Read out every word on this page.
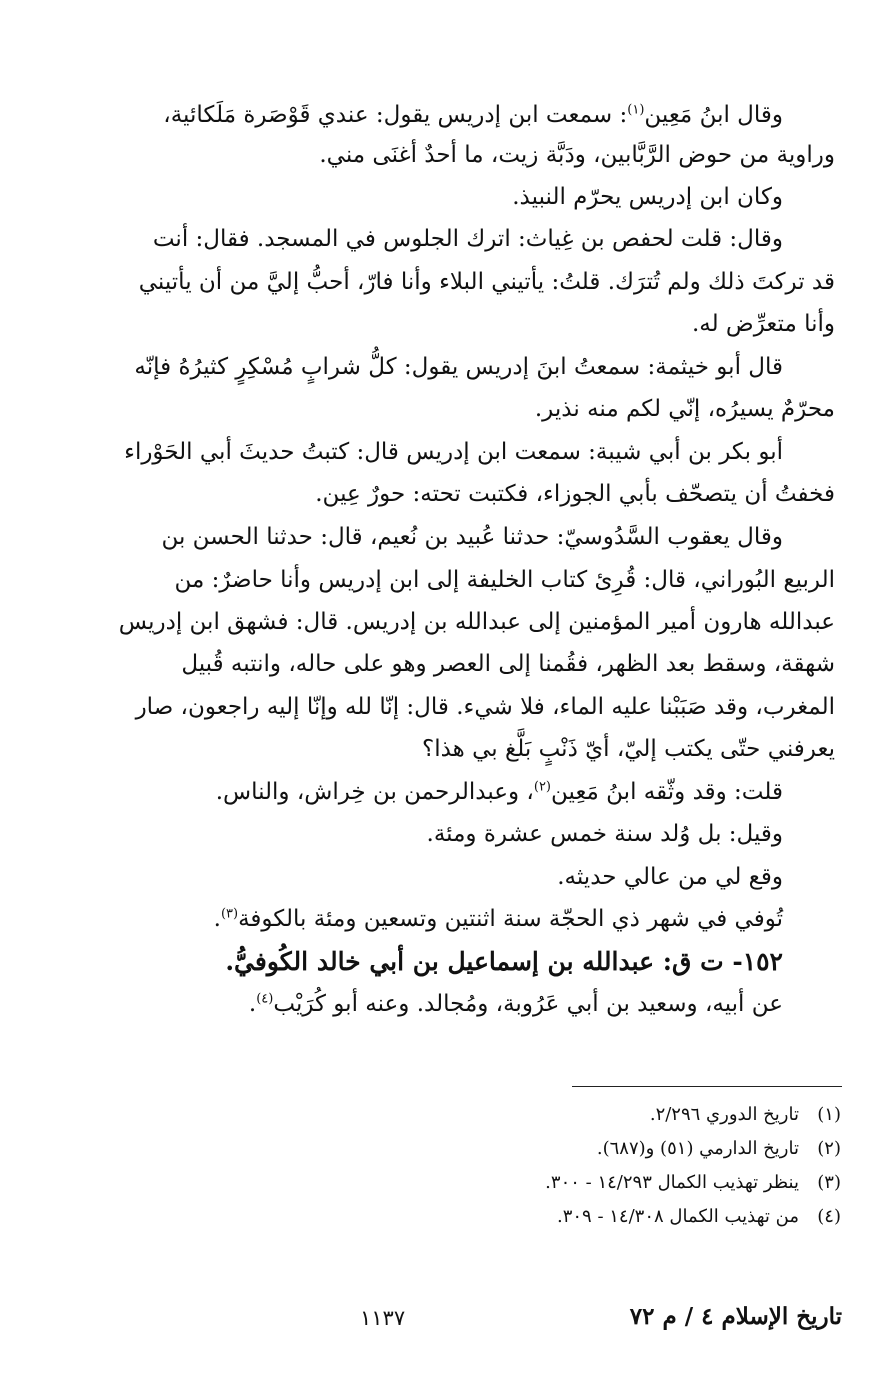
وقال ابنُ مَعِين$^{(١)}$: سمعت ابن إدريس يقول: عندي قَوْصَرة مَلَكائية،
وراوية من حوض الرَّبَّابين، ودَبَّة زيت، ما أحدٌ أغنَى مني.
وكان ابن إدريس يحرّم النبيذ.
وقال: قلت لحفص بن غِياث: اترك الجلوس في المسجد. فقال: أنت
قد تركتَ ذلك ولم تُترَك. قلتُ: يأتيني البلاء وأنا فارّ، أحبُّ إليَّ من أن يأتيني
وأنا متعرِّض له.
قال أبو خيثمة: سمعتُ ابنَ إدريس يقول: كلُّ شرابٍ مُسْكِرٍ كثيرُهُ فإنّه
محرّمٌ يسيرُه، إنّي لكم منه نذير.
أبو بكر بن أبي شيبة: سمعت ابن إدريس قال: كتبتُ حديثَ أبي الحَوْراء
فخفتُ أن يتصحّف بأبي الجوزاء، فكتبت تحته: حورٌ عِين.
وقال يعقوب السَّدُوسيّ: حدثنا عُبيد بن نُعيم، قال: حدثنا الحسن بن
الربيع البُوراني، قال: قُرِئ كتاب الخليفة إلى ابن إدريس وأنا حاضرٌ: من
عبدالله هارون أمير المؤمنين إلى عبدالله بن إدريس. قال: فشهق ابن إدريس
شهقة، وسقط بعد الظهر، فقُمنا إلى العصر وهو على حاله، وانتبه قُبيل
المغرب، وقد صَبَبْنا عليه الماء، فلا شيء. قال: إنّا لله وإنّا إليه راجعون، صار
يعرفني حتّى يكتب إليّ، أيّ ذَنْبٍ بَلَّغ بي هذا؟
قلت: وقد وثّقه ابنُ مَعِين$^{(٢)}$، وعبدالرحمن بن خِراش، والناس.
وقيل: بل وُلد سنة خمس عشرة ومئة.
وقع لي من عالي حديثه.
تُوفي في شهر ذي الحجّة سنة اثنتين وتسعين ومئة بالكوفة$^{(٣)}$.
١٥٢- ت ق: عبدالله بن إسماعيل بن أبي خالد الكُوفيُّ.
عن أبيه، وسعيد بن أبي عَرُوبة، ومُجالد. وعنه أبو كُرَيْب$^{(٤)}$.
(١)تاريخ الدوري ٢/٢٩٦.
(٢)تاريخ الدارمي (٥١) و(٦٨٧).
(٣)ينظر تهذيب الكمال ١٤/٢٩٣ - ٣٠٠.
(٤)من تهذيب الكمال ١٤/٣٠٨ - ٣٠٩.
تاريخ الإسلام ٤ / م ٧٢
١١٣٧
